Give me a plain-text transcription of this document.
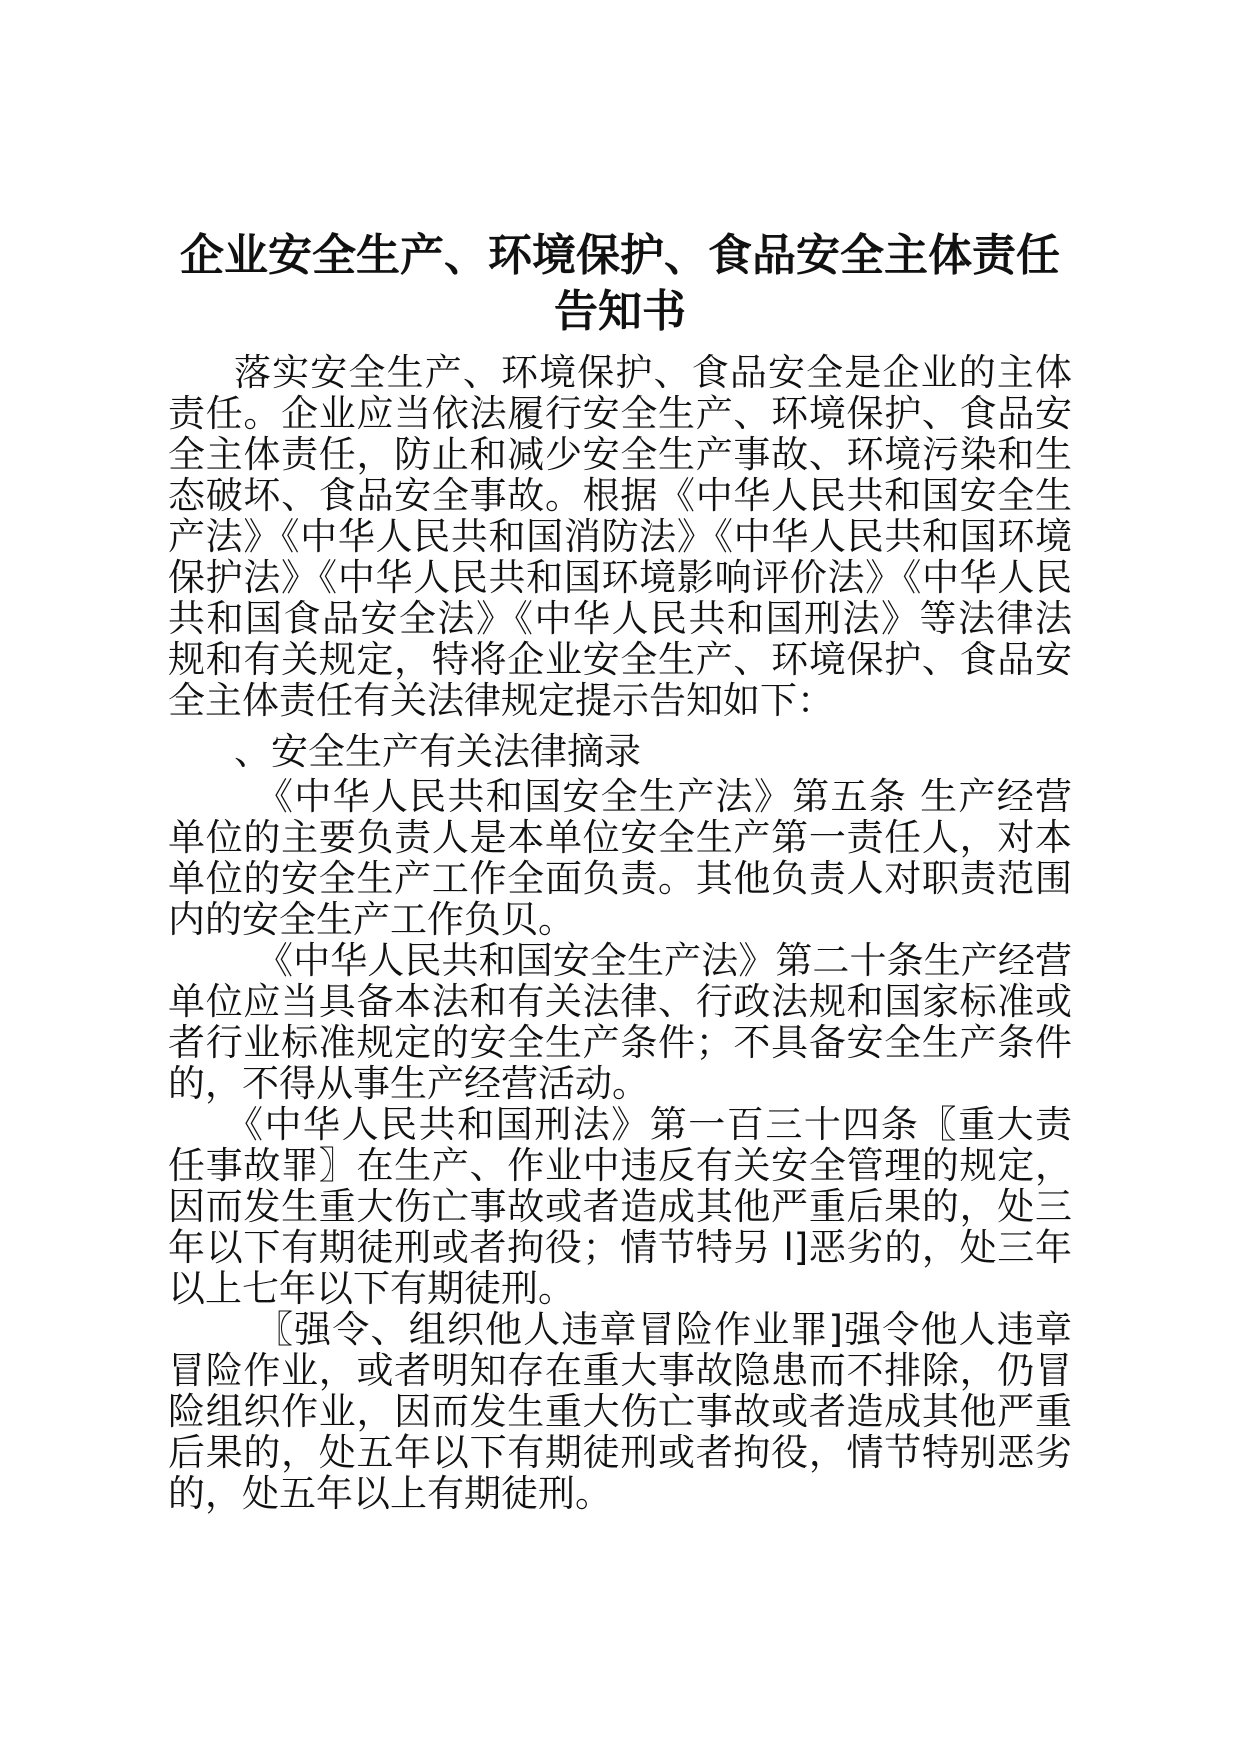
企业安全生产、环境保护、食品安全主体责任告知书

落实安全生产、环境保护、食品安全是企业的主体责任。企业应当依法履行安全生产、环境保护、食品安全主体责任，防止和减少安全生产事故、环境污染和生态破坏、食品安全事故。根据《中华人民共和国安全生产法》《中华人民共和国消防法》《中华人民共和国环境保护法》《中华人民共和国环境影响评价法》《中华人民共和国食品安全法》《中华人民共和国刑法》等法律法规和有关规定，特将企业安全生产、环境保护、食品安全主体责任有关法律规定提示告知如下：

、安全生产有关法律摘录

《中华人民共和国安全生产法》第五条 生产经营单位的主要负责人是本单位安全生产第一责任人，对本单位的安全生产工作全面负责。其他负责人对职责范围内的安全生产工作负贝。

《中华人民共和国安全生产法》第二十条生产经营单位应当具备本法和有关法律、行政法规和国家标准或者行业标准规定的安全生产条件；不具备安全生产条件的，不得从事生产经营活动。

《中华人民共和国刑法》第一百三十四条〖重大责任事故罪〗在生产、作业中违反有关安全管理的规定，因而发生重大伤亡事故或者造成其他严重后果的，处三年以下有期徒刑或者拘役；情节特另 l]恶劣的，处三年以上七年以下有期徒刑。

〖强令、组织他人违章冒险作业罪]强令他人违章冒险作业，或者明知存在重大事故隐患而不排除，仍冒险组织作业，因而发生重大伤亡事故或者造成其他严重后果的，处五年以下有期徒刑或者拘役，情节特别恶劣的，处五年以上有期徒刑。
